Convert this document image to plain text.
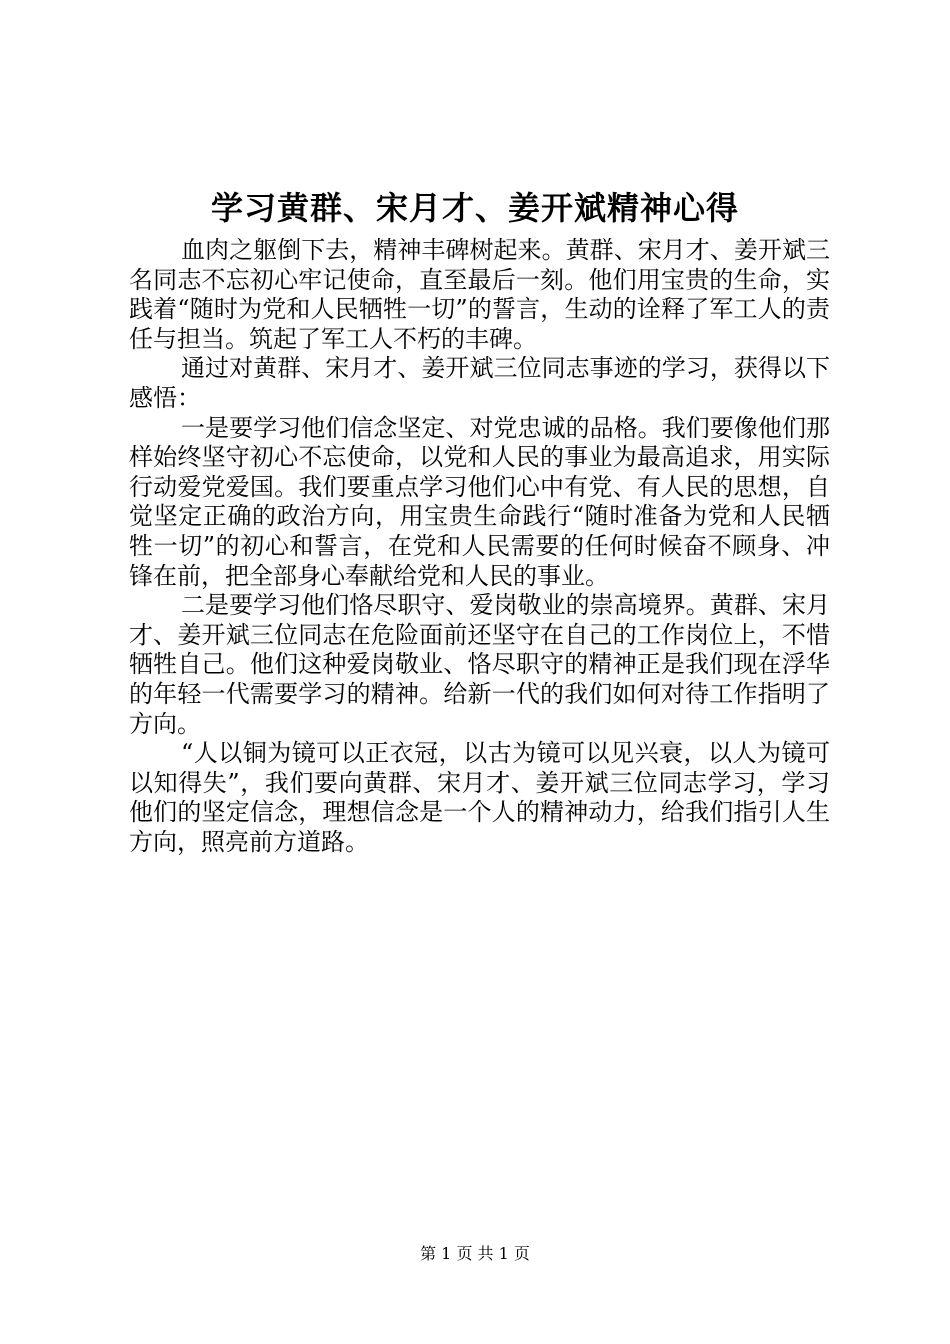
学习黄群、宋月才、姜开斌精神心得

血肉之躯倒下去，精神丰碑树起来。黄群、宋月才、姜开斌三名同志不忘初心牢记使命，直至最后一刻。他们用宝贵的生命，实践着“随时为党和人民牺牲一切”的誓言，生动的诠释了军工人的责任与担当。筑起了军工人不朽的丰碑。

通过对黄群、宋月才、姜开斌三位同志事迹的学习，获得以下感悟：

一是要学习他们信念坚定、对党忠诚的品格。我们要像他们那样始终坚守初心不忘使命，以党和人民的事业为最高追求，用实际行动爱党爱国。我们要重点学习他们心中有党、有人民的思想，自觉坚定正确的政治方向，用宝贵生命践行“随时准备为党和人民牺牲一切”的初心和誓言，在党和人民需要的任何时候奋不顾身、冲锋在前，把全部身心奉献给党和人民的事业。

二是要学习他们恪尽职守、爱岗敬业的崇高境界。黄群、宋月才、姜开斌三位同志在危险面前还坚守在自己的工作岗位上，不惜牺牲自己。他们这种爱岗敬业、恪尽职守的精神正是我们现在浮华的年轻一代需要学习的精神。给新一代的我们如何对待工作指明了方向。

“人以铜为镜可以正衣冠，以古为镜可以见兴衰，以人为镜可以知得失”，我们要向黄群、宋月才、姜开斌三位同志学习，学习他们的坚定信念，理想信念是一个人的精神动力，给我们指引人生方向，照亮前方道路。

第 1 页 共 1 页
